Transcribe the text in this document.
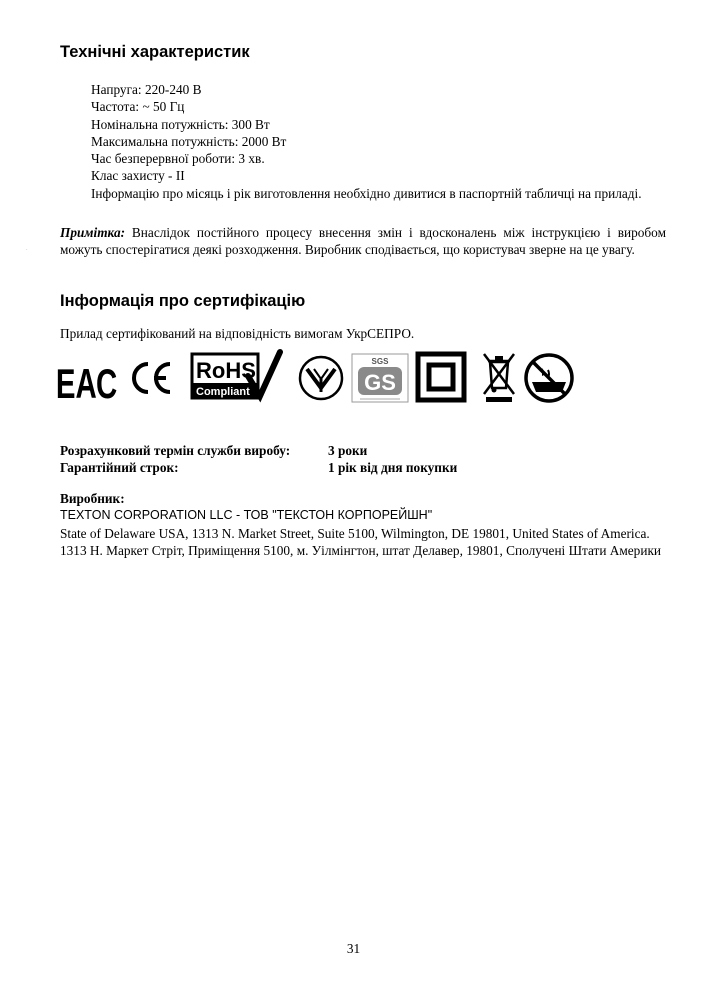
Технічні характеристик

Напруга: 220-240 В

Частота: ~ 50 Гц

Номінальна потужність: 300 Вт

Максимальна потужність: 2000 Вт

Час безперервної роботи: 3 хв.

Клас захисту - II

Інформацію про місяць і рік виготовлення необхідно дивитися в паспортній табличці на приладі.

Примітка: Внаслідок постійного процесу внесення змін і вдосконалень між інструкцією і виробом можуть спостерігатися деякі розходження. Виробник сподівається, що користувач зверне на це увагу.

Інформація про сертифікацію

Прилад сертифікований на відповідність вимогам УкрСЕПРО.

ЕАС
CE
RoHS
Compliant
SGS
GS
Розрахунковий термін служби виробу:	3 роки
Гарантійний строк:	1 рік від дня покупки

Виробник:

TEXTON CORPORATION LLC - ТОВ "ТЕКСТОН КОРПОРЕЙШН"

State of Delaware USA, 1313 N. Market Street, Suite 5100, Wilmington, DE 19801, United States of America.

1313 Н. Маркет Стріт, Приміщення 5100, м. Уілмінгтон, штат Делавер, 19801, Сполучені Штати Америки

31
